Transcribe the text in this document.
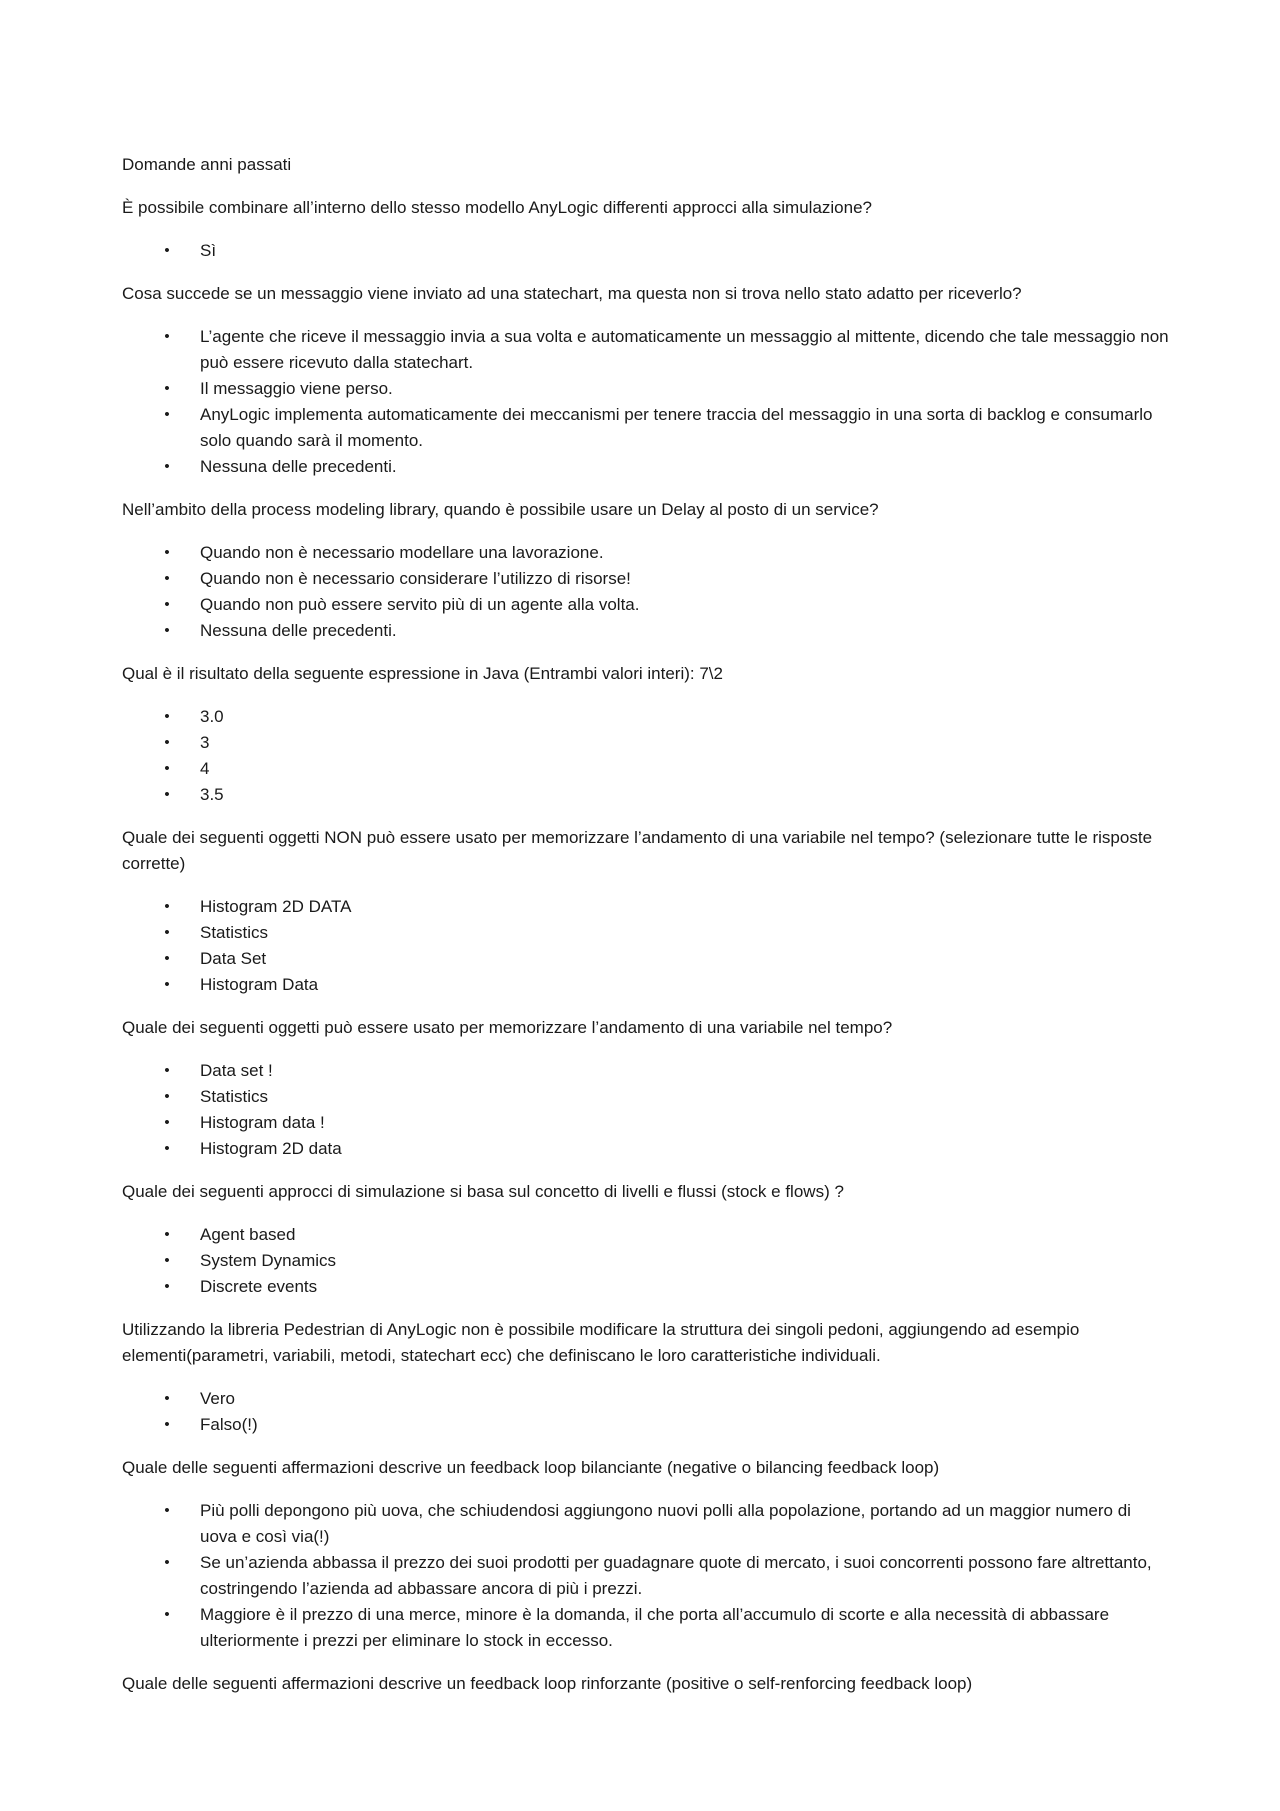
Domande anni passati

È possibile combinare all’interno dello stesso modello AnyLogic differenti approcci alla simulazione?

• Sì

Cosa succede se un messaggio viene inviato ad una statechart, ma questa non si trova nello stato adatto per riceverlo?

• L’agente che riceve il messaggio invia a sua volta e automaticamente un messaggio al mittente, dicendo che tale messaggio non può essere ricevuto dalla statechart.
• Il messaggio viene perso.
• AnyLogic implementa automaticamente dei meccanismi per tenere traccia del messaggio in una sorta di backlog e consumarlo solo quando sarà il momento.
• Nessuna delle precedenti.

Nell’ambito della process modeling library, quando è possibile usare un Delay al posto di un service?

• Quando non è necessario modellare una lavorazione.
• Quando non è necessario considerare l’utilizzo di risorse!
• Quando non può essere servito più di un agente alla volta.
• Nessuna delle precedenti.

Qual è il risultato della seguente espressione in Java (Entrambi valori interi): 7\2

• 3.0
• 3
• 4
• 3.5

Quale dei seguenti oggetti NON può essere usato per memorizzare l’andamento di una variabile nel tempo? (selezionare tutte le risposte corrette)

• Histogram 2D DATA
• Statistics
• Data Set
• Histogram Data

Quale dei seguenti oggetti può essere usato per memorizzare l’andamento di una variabile nel tempo?

• Data set !
• Statistics
• Histogram data !
• Histogram 2D data

Quale dei seguenti approcci di simulazione si basa sul concetto di livelli e flussi (stock e flows) ?

• Agent based
• System Dynamics
• Discrete events

Utilizzando la libreria Pedestrian di AnyLogic non è possibile modificare la struttura dei singoli pedoni, aggiungendo ad esempio elementi(parametri, variabili, metodi, statechart ecc) che definiscano le loro caratteristiche individuali.

• Vero
• Falso(!)

Quale delle seguenti affermazioni descrive un feedback loop bilanciante (negative o bilancing feedback loop)

• Più polli depongono più uova, che schiudendosi aggiungono nuovi polli alla popolazione, portando ad un maggior numero di uova e così via(!)
• Se un’azienda abbassa il prezzo dei suoi prodotti per guadagnare quote di mercato, i suoi concorrenti possono fare altrettanto, costringendo l’azienda ad abbassare ancora di più i prezzi.
• Maggiore è il prezzo di una merce, minore è la domanda, il che porta all’accumulo di scorte e alla necessità di abbassare ulteriormente i prezzi per eliminare lo stock in eccesso.

Quale delle seguenti affermazioni descrive un feedback loop rinforzante (positive o self-renforcing feedback loop)
